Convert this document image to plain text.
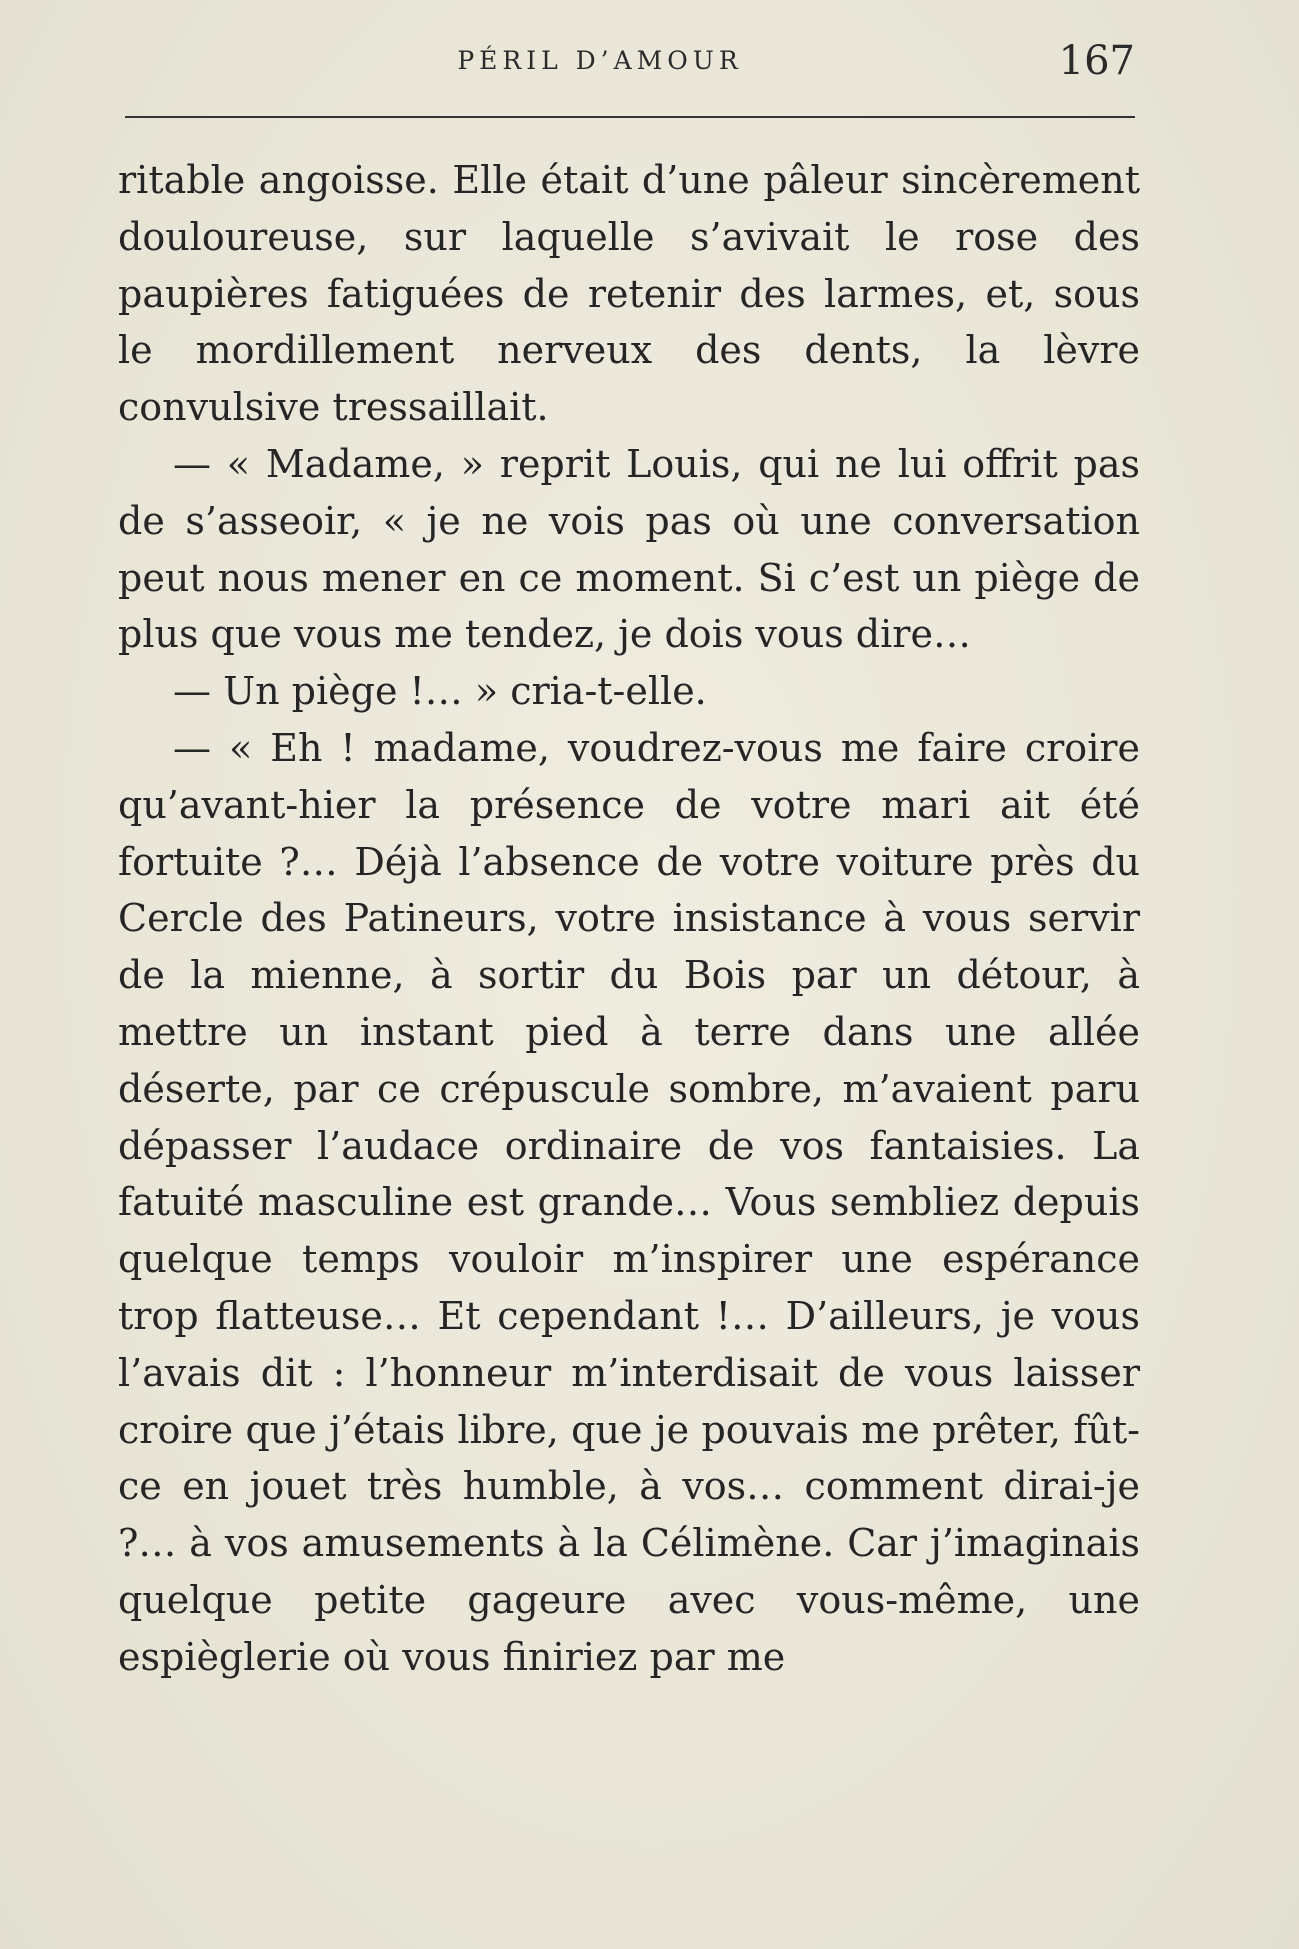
PÉRIL D’AMOUR	167

ritable angoisse. Elle était d’une pâleur sincèrement douloureuse, sur laquelle s’avivait le rose des paupières fatiguées de retenir des larmes, et, sous le mordillement nerveux des dents, la lèvre convulsive tressaillait.

— « Madame, » reprit Louis, qui ne lui offrit pas de s’asseoir, « je ne vois pas où une conversation peut nous mener en ce moment. Si c’est un piège de plus que vous me tendez, je dois vous dire…

— Un piège !… » cria-t-elle.

— « Eh ! madame, voudrez-vous me faire croire qu’avant-hier la présence de votre mari ait été fortuite ?… Déjà l’absence de votre voiture près du Cercle des Patineurs, votre insistance à vous servir de la mienne, à sortir du Bois par un détour, à mettre un instant pied à terre dans une allée déserte, par ce crépuscule sombre, m’avaient paru dépasser l’audace ordinaire de vos fantaisies. La fatuité masculine est grande… Vous sembliez depuis quelque temps vouloir m’inspirer une espérance trop flatteuse… Et cependant !… D’ailleurs, je vous l’avais dit : l’honneur m’interdisait de vous laisser croire que j’étais libre, que je pouvais me prêter, fût-ce en jouet très humble, à vos… comment dirai-je ?… à vos amusements à la Célimène. Car j’imaginais quelque petite gageure avec vous-même, une espièglerie où vous finiriez par me
